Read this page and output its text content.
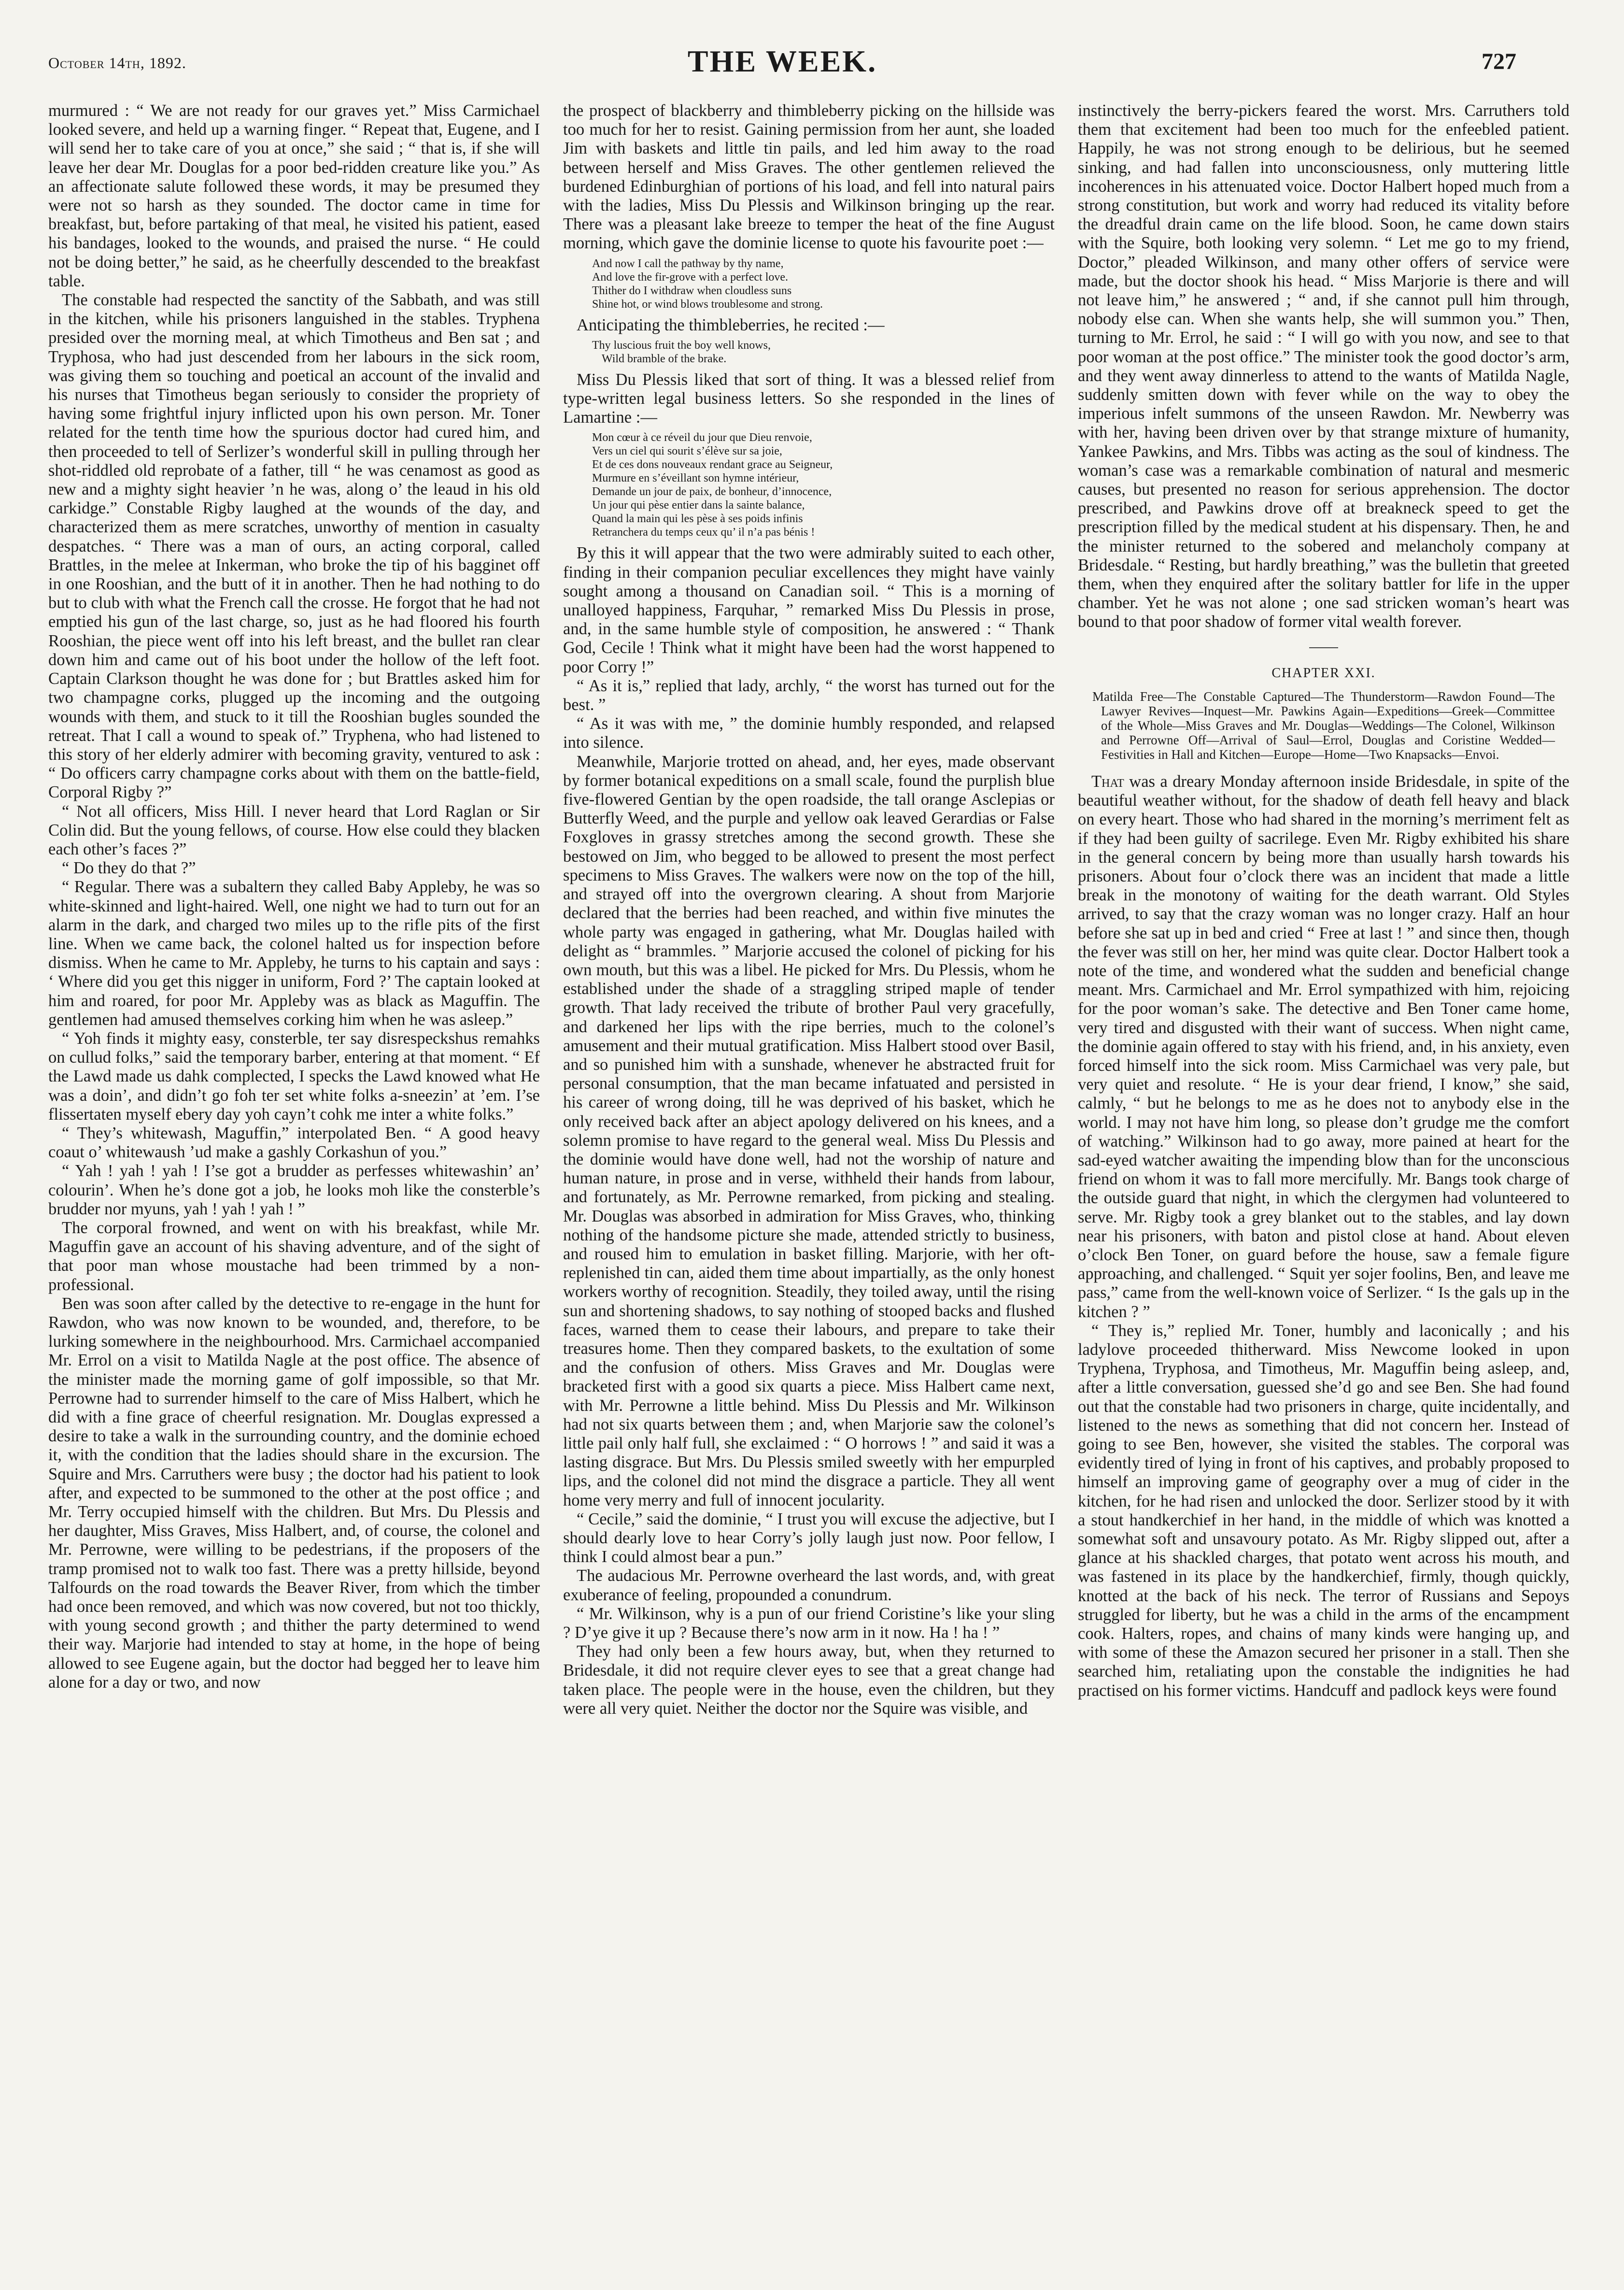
October 14th, 1892.	THE WEEK.	727

murmured : “ We are not ready for our graves yet.” Miss Carmichael looked severe, and held up a warning finger. “ Repeat that, Eugene, and I will send her to take care of you at once,” she said ; “ that is, if she will leave her dear Mr. Douglas for a poor bed-ridden creature like you.” As an affectionate salute followed these words, it may be presumed they were not so harsh as they sounded. The doctor came in time for breakfast, but, before partaking of that meal, he visited his patient, eased his bandages, looked to the wounds, and praised the nurse. “ He could not be doing better,” he said, as he cheerfully descended to the breakfast table.

The constable had respected the sanctity of the Sabbath, and was still in the kitchen, while his prisoners languished in the stables. Tryphena presided over the morning meal, at which Timotheus and Ben sat ; and Tryphosa, who had just descended from her labours in the sick room, was giving them so touching and poetical an account of the invalid and his nurses that Timotheus began seriously to consider the propriety of having some frightful injury inflicted upon his own person. Mr. Toner related for the tenth time how the spurious doctor had cured him, and then proceeded to tell of Serlizer’s wonderful skill in pulling through her shot-riddled old reprobate of a father, till “ he was cenamost as good as new and a mighty sight heavier ’n he was, along o’ the leaud in his old carkidge.” Constable Rigby laughed at the wounds of the day, and characterized them as mere scratches, unworthy of mention in casualty despatches. “ There was a man of ours, an acting corporal, called Brattles, in the melee at Inkerman, who broke the tip of his bagginet off in one Rooshian, and the butt of it in another. Then he had nothing to do but to club with what the French call the crosse. He forgot that he had not emptied his gun of the last charge, so, just as he had floored his fourth Rooshian, the piece went off into his left breast, and the bullet ran clear down him and came out of his boot under the hollow of the left foot. Captain Clarkson thought he was done for ; but Brattles asked him for two champagne corks, plugged up the incoming and the outgoing wounds with them, and stuck to it till the Rooshian bugles sounded the retreat. That I call a wound to speak of.” Tryphena, who had listened to this story of her elderly admirer with becoming gravity, ventured to ask : “ Do officers carry champagne corks about with them on the battle-field, Corporal Rigby ?”

“ Not all officers, Miss Hill. I never heard that Lord Raglan or Sir Colin did. But the young fellows, of course. How else could they blacken each other’s faces ?”

“ Do they do that ?”

“ Regular. There was a subaltern they called Baby Appleby, he was so white-skinned and light-haired. Well, one night we had to turn out for an alarm in the dark, and charged two miles up to the rifle pits of the first line. When we came back, the colonel halted us for inspection before dismiss. When he came to Mr. Appleby, he turns to his captain and says : ‘ Where did you get this nigger in uniform, Ford ?’ The captain looked at him and roared, for poor Mr. Appleby was as black as Maguffin. The gentlemen had amused themselves corking him when he was asleep.”

“ Yoh finds it mighty easy, consterble, ter say disrespeckshus remahks on cullud folks,” said the temporary barber, entering at that moment. “ Ef the Lawd made us dahk complected, I specks the Lawd knowed what He was a doin’, and didn’t go foh ter set white folks a-sneezin’ at ’em. I’se flissertaten myself ebery day yoh cayn’t cohk me inter a white folks.”

“ They’s whitewash, Maguffin,” interpolated Ben. “ A good heavy coaut o’ whitewaush ’ud make a gashly Corkashun of you.”

“ Yah ! yah ! yah ! I’se got a brudder as perfesses whitewashin’ an’ colourin’. When he’s done got a job, he looks moh like the consterble’s brudder nor myuns, yah ! yah ! yah ! ”

The corporal frowned, and went on with his breakfast, while Mr. Maguffin gave an account of his shaving adventure, and of the sight of that poor man whose moustache had been trimmed by a non-professional.

Ben was soon after called by the detective to re-engage in the hunt for Rawdon, who was now known to be wounded, and, therefore, to be lurking somewhere in the neighbourhood. Mrs. Carmichael accompanied Mr. Errol on a visit to Matilda Nagle at the post office. The absence of the minister made the morning game of golf impossible, so that Mr. Perrowne had to surrender himself to the care of Miss Halbert, which he did with a fine grace of cheerful resignation. Mr. Douglas expressed a desire to take a walk in the surrounding country, and the dominie echoed it, with the condition that the ladies should share in the excursion. The Squire and Mrs. Carruthers were busy ; the doctor had his patient to look after, and expected to be summoned to the other at the post office ; and Mr. Terry occupied himself with the children. But Mrs. Du Plessis and her daughter, Miss Graves, Miss Halbert, and, of course, the colonel and Mr. Perrowne, were willing to be pedestrians, if the proposers of the tramp promised not to walk too fast. There was a pretty hillside, beyond Talfourds on the road towards the Beaver River, from which the timber had once been removed, and which was now covered, but not too thickly, with young second growth ; and thither the party determined to wend their way. Marjorie had intended to stay at home, in the hope of being allowed to see Eugene again, but the doctor had begged her to leave him alone for a day or two, and now

the prospect of blackberry and thimbleberry picking on the hillside was too much for her to resist. Gaining permission from her aunt, she loaded Jim with baskets and little tin pails, and led him away to the road between herself and Miss Graves. The other gentlemen relieved the burdened Edinburghian of portions of his load, and fell into natural pairs with the ladies, Miss Du Plessis and Wilkinson bringing up the rear. There was a pleasant lake breeze to temper the heat of the fine August morning, which gave the dominie license to quote his favourite poet :—

And now I call the pathway by thy name,
And love the fir-grove with a perfect love.
Thither do I withdraw when cloudless suns
Shine hot, or wind blows troublesome and strong.

Anticipating the thimbleberries, he recited :—

Thy luscious fruit the boy well knows,
Wild bramble of the brake.

Miss Du Plessis liked that sort of thing. It was a blessed relief from type-written legal business letters. So she responded in the lines of Lamartine :—

Mon cœur à ce réveil du jour que Dieu renvoie,
Vers un ciel qui sourit s’élève sur sa joie,
Et de ces dons nouveaux rendant grace au Seigneur,
Murmure en s’éveillant son hymne intérieur,
Demande un jour de paix, de bonheur, d’innocence,
Un jour qui pèse entier dans la sainte balance,
Quand la main qui les pèse à ses poids infinis
Retranchera du temps ceux qu’ il n’a pas bénis !

By this it will appear that the two were admirably suited to each other, finding in their companion peculiar excellences they might have vainly sought among a thousand on Canadian soil. “ This is a morning of unalloyed happiness, Farquhar, ” remarked Miss Du Plessis in prose, and, in the same humble style of composition, he answered : “ Thank God, Cecile ! Think what it might have been had the worst happened to poor Corry !”

“ As it is,” replied that lady, archly, “ the worst has turned out for the best. ”

“ As it was with me, ” the dominie humbly responded, and relapsed into silence.

Meanwhile, Marjorie trotted on ahead, and, her eyes, made observant by former botanical expeditions on a small scale, found the purplish blue five-flowered Gentian by the open roadside, the tall orange Asclepias or Butterfly Weed, and the purple and yellow oak leaved Gerardias or False Foxgloves in grassy stretches among the second growth. These she bestowed on Jim, who begged to be allowed to present the most perfect specimens to Miss Graves. The walkers were now on the top of the hill, and strayed off into the overgrown clearing. A shout from Marjorie declared that the berries had been reached, and within five minutes the whole party was engaged in gathering, what Mr. Douglas hailed with delight as “ brammles. ” Marjorie accused the colonel of picking for his own mouth, but this was a libel. He picked for Mrs. Du Plessis, whom he established under the shade of a straggling striped maple of tender growth. That lady received the tribute of brother Paul very gracefully, and darkened her lips with the ripe berries, much to the colonel’s amusement and their mutual gratification. Miss Halbert stood over Basil, and so punished him with a sunshade, whenever he abstracted fruit for personal consumption, that the man became infatuated and persisted in his career of wrong doing, till he was deprived of his basket, which he only received back after an abject apology delivered on his knees, and a solemn promise to have regard to the general weal. Miss Du Plessis and the dominie would have done well, had not the worship of nature and human nature, in prose and in verse, withheld their hands from labour, and fortunately, as Mr. Perrowne remarked, from picking and stealing. Mr. Douglas was absorbed in admiration for Miss Graves, who, thinking nothing of the handsome picture she made, attended strictly to business, and roused him to emulation in basket filling. Marjorie, with her oft-replenished tin can, aided them time about impartially, as the only honest workers worthy of recognition. Steadily, they toiled away, until the rising sun and shortening shadows, to say nothing of stooped backs and flushed faces, warned them to cease their labours, and prepare to take their treasures home. Then they compared baskets, to the exultation of some and the confusion of others. Miss Graves and Mr. Douglas were bracketed first with a good six quarts a piece. Miss Halbert came next, with Mr. Perrowne a little behind. Miss Du Plessis and Mr. Wilkinson had not six quarts between them ; and, when Marjorie saw the colonel’s little pail only half full, she exclaimed : “ O horrows ! ” and said it was a lasting disgrace. But Mrs. Du Plessis smiled sweetly with her empurpled lips, and the colonel did not mind the disgrace a particle. They all went home very merry and full of innocent jocularity.

“ Cecile,” said the dominie, “ I trust you will excuse the adjective, but I should dearly love to hear Corry’s jolly laugh just now. Poor fellow, I think I could almost bear a pun.”

The audacious Mr. Perrowne overheard the last words, and, with great exuberance of feeling, propounded a conundrum.

“ Mr. Wilkinson, why is a pun of our friend Coristine’s like your sling ? D’ye give it up ? Because there’s now arm in it now. Ha ! ha ! ”

They had only been a few hours away, but, when they returned to Bridesdale, it did not require clever eyes to see that a great change had taken place. The people were in the house, even the children, but they were all very quiet. Neither the doctor nor the Squire was visible, and

instinctively the berry-pickers feared the worst. Mrs. Carruthers told them that excitement had been too much for the enfeebled patient. Happily, he was not strong enough to be delirious, but he seemed sinking, and had fallen into unconsciousness, only muttering little incoherences in his attenuated voice. Doctor Halbert hoped much from a strong constitution, but work and worry had reduced its vitality before the dreadful drain came on the life blood. Soon, he came down stairs with the Squire, both looking very solemn. “ Let me go to my friend, Doctor,” pleaded Wilkinson, and many other offers of service were made, but the doctor shook his head. “ Miss Marjorie is there and will not leave him,” he answered ; “ and, if she cannot pull him through, nobody else can. When she wants help, she will summon you.” Then, turning to Mr. Errol, he said : “ I will go with you now, and see to that poor woman at the post office.” The minister took the good doctor’s arm, and they went away dinnerless to attend to the wants of Matilda Nagle, suddenly smitten down with fever while on the way to obey the imperious infelt summons of the unseen Rawdon. Mr. Newberry was with her, having been driven over by that strange mixture of humanity, Yankee Pawkins, and Mrs. Tibbs was acting as the soul of kindness. The woman’s case was a remarkable combination of natural and mesmeric causes, but presented no reason for serious apprehension. The doctor prescribed, and Pawkins drove off at breakneck speed to get the prescription filled by the medical student at his dispensary. Then, he and the minister returned to the sobered and melancholy company at Bridesdale. “ Resting, but hardly breathing,” was the bulletin that greeted them, when they enquired after the solitary battler for life in the upper chamber. Yet he was not alone ; one sad stricken woman’s heart was bound to that poor shadow of former vital wealth forever.

CHAPTER XXI.
Matilda Free—The Constable Captured—The Thunderstorm—Rawdon Found—The Lawyer Revives—Inquest—Mr. Pawkins Again—Expeditions—Greek—Committee of the Whole—Miss Graves and Mr. Douglas—Weddings—The Colonel, Wilkinson and Perrowne Off—Arrival of Saul—Errol, Douglas and Coristine Wedded—Festivities in Hall and Kitchen—Europe—Home—Two Knapsacks—Envoi.

That was a dreary Monday afternoon inside Bridesdale, in spite of the beautiful weather without, for the shadow of death fell heavy and black on every heart. Those who had shared in the morning’s merriment felt as if they had been guilty of sacrilege. Even Mr. Rigby exhibited his share in the general concern by being more than usually harsh towards his prisoners. About four o’clock there was an incident that made a little break in the monotony of waiting for the death warrant. Old Styles arrived, to say that the crazy woman was no longer crazy. Half an hour before she sat up in bed and cried “ Free at last ! ” and since then, though the fever was still on her, her mind was quite clear. Doctor Halbert took a note of the time, and wondered what the sudden and beneficial change meant. Mrs. Carmichael and Mr. Errol sympathized with him, rejoicing for the poor woman’s sake. The detective and Ben Toner came home, very tired and disgusted with their want of success. When night came, the dominie again offered to stay with his friend, and, in his anxiety, even forced himself into the sick room. Miss Carmichael was very pale, but very quiet and resolute. “ He is your dear friend, I know,” she said, calmly, “ but he belongs to me as he does not to anybody else in the world. I may not have him long, so please don’t grudge me the comfort of watching.” Wilkinson had to go away, more pained at heart for the sad-eyed watcher awaiting the impending blow than for the unconscious friend on whom it was to fall more mercifully. Mr. Bangs took charge of the outside guard that night, in which the clergymen had volunteered to serve. Mr. Rigby took a grey blanket out to the stables, and lay down near his prisoners, with baton and pistol close at hand. About eleven o’clock Ben Toner, on guard before the house, saw a female figure approaching, and challenged. “ Squit yer sojer foolins, Ben, and leave me pass,” came from the well-known voice of Serlizer. “ Is the gals up in the kitchen ? ”

“ They is,” replied Mr. Toner, humbly and laconically ; and his ladylove proceeded thitherward. Miss Newcome looked in upon Tryphena, Tryphosa, and Timotheus, Mr. Maguffin being asleep, and, after a little conversation, guessed she’d go and see Ben. She had found out that the constable had two prisoners in charge, quite incidentally, and listened to the news as something that did not concern her. Instead of going to see Ben, however, she visited the stables. The corporal was evidently tired of lying in front of his captives, and probably proposed to himself an improving game of geography over a mug of cider in the kitchen, for he had risen and unlocked the door. Serlizer stood by it with a stout handkerchief in her hand, in the middle of which was knotted a somewhat soft and unsavoury potato. As Mr. Rigby slipped out, after a glance at his shackled charges, that potato went across his mouth, and was fastened in its place by the handkerchief, firmly, though quickly, knotted at the back of his neck. The terror of Russians and Sepoys struggled for liberty, but he was a child in the arms of the encampment cook. Halters, ropes, and chains of many kinds were hanging up, and with some of these the Amazon secured her prisoner in a stall. Then she searched him, retaliating upon the constable the indignities he had practised on his former victims. Handcuff and padlock keys were found
